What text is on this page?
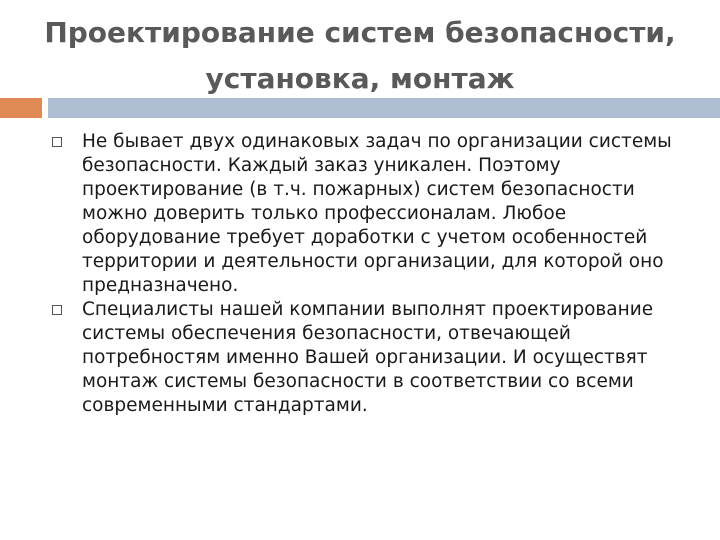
Проектирование систем безопасности,
установка, монтаж
Не бывает двух одинаковых задач по организации системы безопасности. Каждый заказ уникален. Поэтому проектирование (в т.ч. пожарных) систем безопасности можно доверить только профессионалам. Любое оборудование требует доработки с учетом особенностей территории и деятельности организации, для которой оно предназначено.
Специалисты нашей компании выполнят проектирование системы обеспечения безопасности, отвечающей потребностям именно Вашей организации. И осуществят монтаж системы безопасности в соответствии со всеми современными стандартами.
